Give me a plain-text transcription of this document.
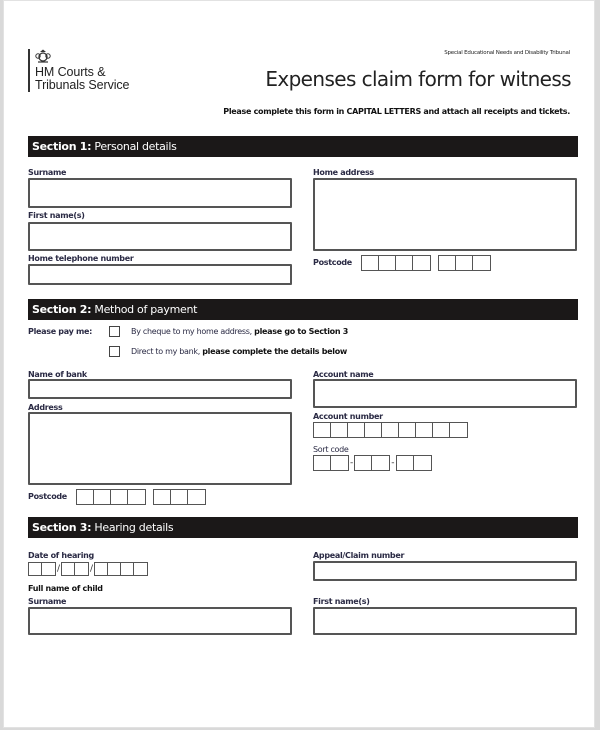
HM Courts &
Tribunals Service
Special Educational Needs and Disability Tribunal
Expenses claim form for witness
Please complete this form in CAPITAL LETTERS and attach all receipts and tickets.
Section 1: Personal details
Surname
First name(s)
Home telephone number
Home address
Postcode
Section 2: Method of payment
Please pay me:	By cheque to my home address, please go to Section 3
Direct to my bank, please complete the details below
Name of bank
Address
Postcode
Account name
Account number
Sort code
-	-
Section 3: Hearing details
Date of hearing
/	/
Full name of child
Surname
Appeal/Claim number
First name(s)
